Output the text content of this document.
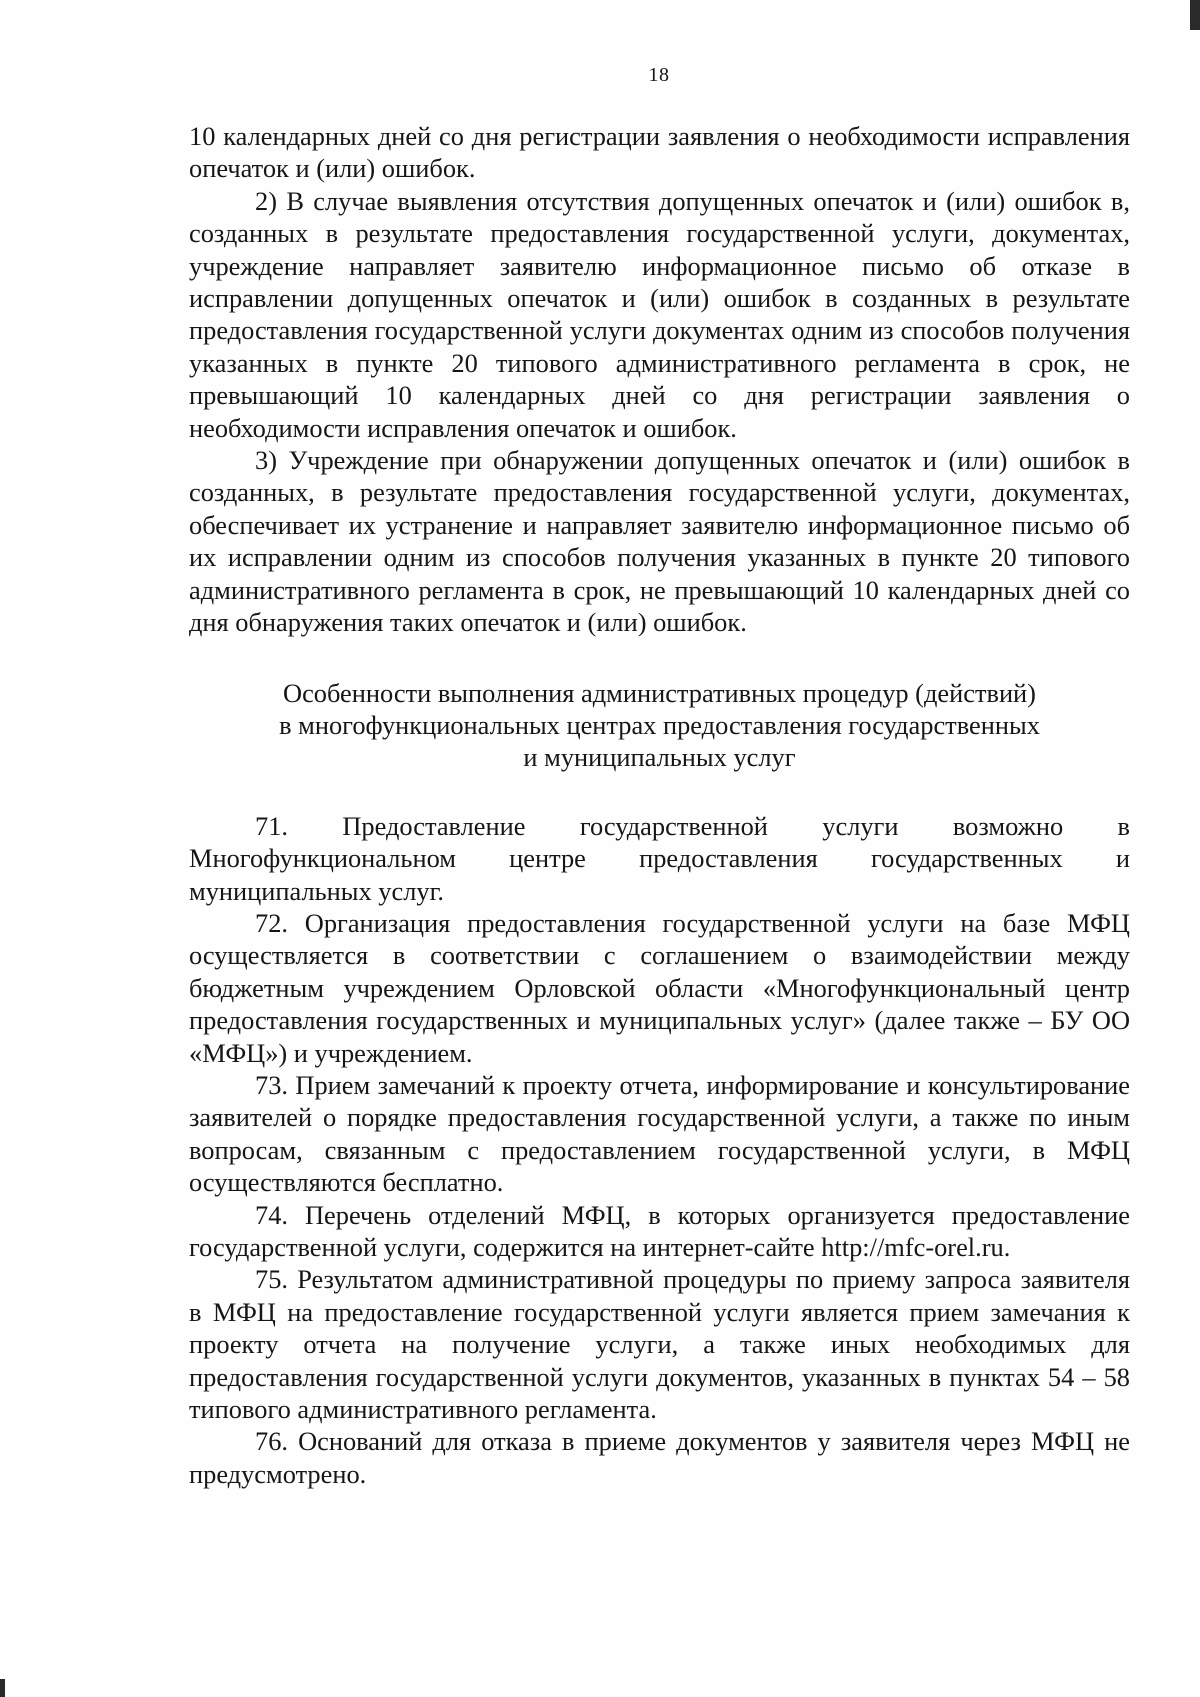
18

10 календарных дней со дня регистрации заявления о необходимости исправления опечаток и (или) ошибок.

2) В случае выявления отсутствия допущенных опечаток и (или) ошибок в, созданных в результате предоставления государственной услуги, документах, учреждение направляет заявителю информационное письмо об отказе в исправлении допущенных опечаток и (или) ошибок в созданных в результате предоставления государственной услуги документах одним из способов получения указанных в пункте 20 типового административного регламента в срок, не превышающий 10 календарных дней со дня регистрации заявления о необходимости исправления опечаток и ошибок.

3) Учреждение при обнаружении допущенных опечаток и (или) ошибок в созданных, в результате предоставления государственной услуги, документах, обеспечивает их устранение и направляет заявителю информационное письмо об их исправлении одним из способов получения указанных в пункте 20 типового административного регламента в срок, не превышающий 10 календарных дней со дня обнаружения таких опечаток и (или) ошибок.

Особенности выполнения административных процедур (действий)
в многофункциональных центрах предоставления государственных
и муниципальных услуг

71. Предоставление государственной услуги возможно в Многофункциональном центре предоставления государственных и муниципальных услуг.

72. Организация предоставления государственной услуги на базе МФЦ осуществляется в соответствии с соглашением о взаимодействии между бюджетным учреждением Орловской области «Многофункциональный центр предоставления государственных и муниципальных услуг» (далее также – БУ ОО «МФЦ») и учреждением.

73. Прием замечаний к проекту отчета, информирование и консультирование заявителей о порядке предоставления государственной услуги, а также по иным вопросам, связанным с предоставлением государственной услуги, в МФЦ осуществляются бесплатно.

74. Перечень отделений МФЦ, в которых организуется предоставление государственной услуги, содержится на интернет-сайте http://mfc-orel.ru.

75. Результатом административной процедуры по приему запроса заявителя в МФЦ на предоставление государственной услуги является прием замечания к проекту отчета на получение услуги, а также иных необходимых для предоставления государственной услуги документов, указанных в пунктах 54 – 58 типового административного регламента.

76. Оснований для отказа в приеме документов у заявителя через МФЦ не предусмотрено.
